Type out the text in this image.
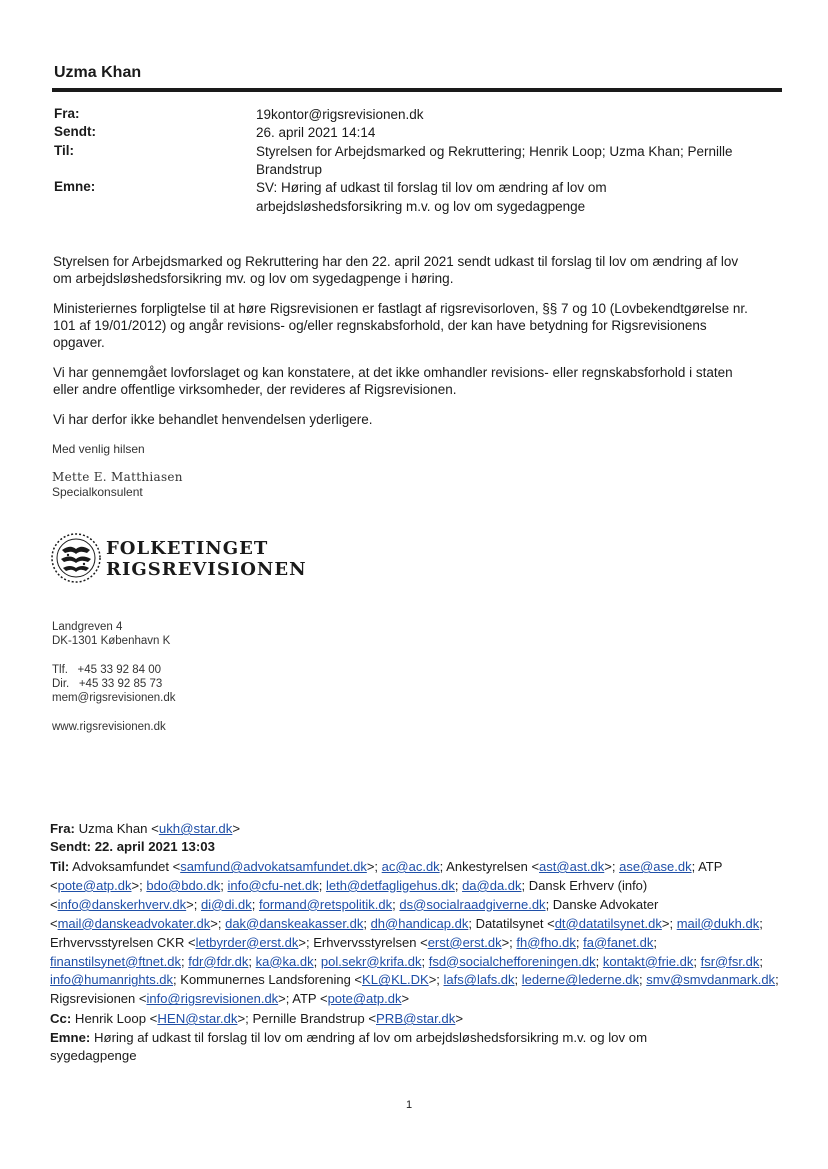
Uzma Khan
Fra:	19kontor@rigsrevisionen.dk
Sendt:	26. april 2021 14:14
Til:	Styrelsen for Arbejdsmarked og Rekruttering; Henrik Loop; Uzma Khan; Pernille
Brandstrup
Emne:	SV: Høring af udkast til forslag til lov om ændring af lov om
arbejdsløshedsforsikring m.v. og lov om sygedagpenge
Styrelsen for Arbejdsmarked og Rekruttering har den 22. april 2021 sendt udkast til forslag til lov om ændring af lov
om arbejdsløshedsforsikring mv. og lov om sygedagpenge i høring.
Ministeriernes forpligtelse til at høre Rigsrevisionen er fastlagt af rigsrevisorloven, §§ 7 og 10 (Lovbekendtgørelse nr.
101 af 19/01/2012) og angår revisions- og/eller regnskabsforhold, der kan have betydning for Rigsrevisionens
opgaver.
Vi har gennemgået lovforslaget og kan konstatere, at det ikke omhandler revisions- eller regnskabsforhold i staten
eller andre offentlige virksomheder, der revideres af Rigsrevisionen.
Vi har derfor ikke behandlet henvendelsen yderligere.
Med venlig hilsen
Mette E. Matthiasen
Specialkonsulent
FOLKETINGET
RIGSREVISIONEN
Landgreven 4
DK-1301 København K
Tlf.   +45 33 92 84 00
Dir.   +45 33 92 85 73
mem@rigsrevisionen.dk
www.rigsrevisionen.dk
Fra: Uzma Khan <ukh@star.dk>
Sendt: 22. april 2021 13:03
Til: Advoksamfundet <samfund@advokatsamfundet.dk>; ac@ac.dk; Ankestyrelsen <ast@ast.dk>; ase@ase.dk; ATP <pote@atp.dk>; bdo@bdo.dk; info@cfu-net.dk; leth@detfagligehus.dk; da@da.dk; Dansk Erhverv (info) <info@danskerhverv.dk>; di@di.dk; formand@retspolitik.dk; ds@socialraadgiverne.dk; Danske Advokater <mail@danskeadvokater.dk>; dak@danskeakasser.dk; dh@handicap.dk; Datatilsynet <dt@datatilsynet.dk>; mail@dukh.dk; Erhvervsstyrelsen CKR <letbyrder@erst.dk>; Erhvervsstyrelsen <erst@erst.dk>; fh@fho.dk; fa@fanet.dk; finanstilsynet@ftnet.dk; fdr@fdr.dk; ka@ka.dk; pol.sekr@krifa.dk; fsd@socialchefforeningen.dk; kontakt@frie.dk; fsr@fsr.dk; info@humanrights.dk; Kommunernes Landsforening <KL@KL.DK>; lafs@lafs.dk; lederne@lederne.dk; smv@smvdanmark.dk; Rigsrevisionen <info@rigsrevisionen.dk>; ATP <pote@atp.dk>
Cc: Henrik Loop <HEN@star.dk>; Pernille Brandstrup <PRB@star.dk>
Emne: Høring af udkast til forslag til lov om ændring af lov om arbejdsløshedsforsikring m.v. og lov om
sygedagpenge
1
